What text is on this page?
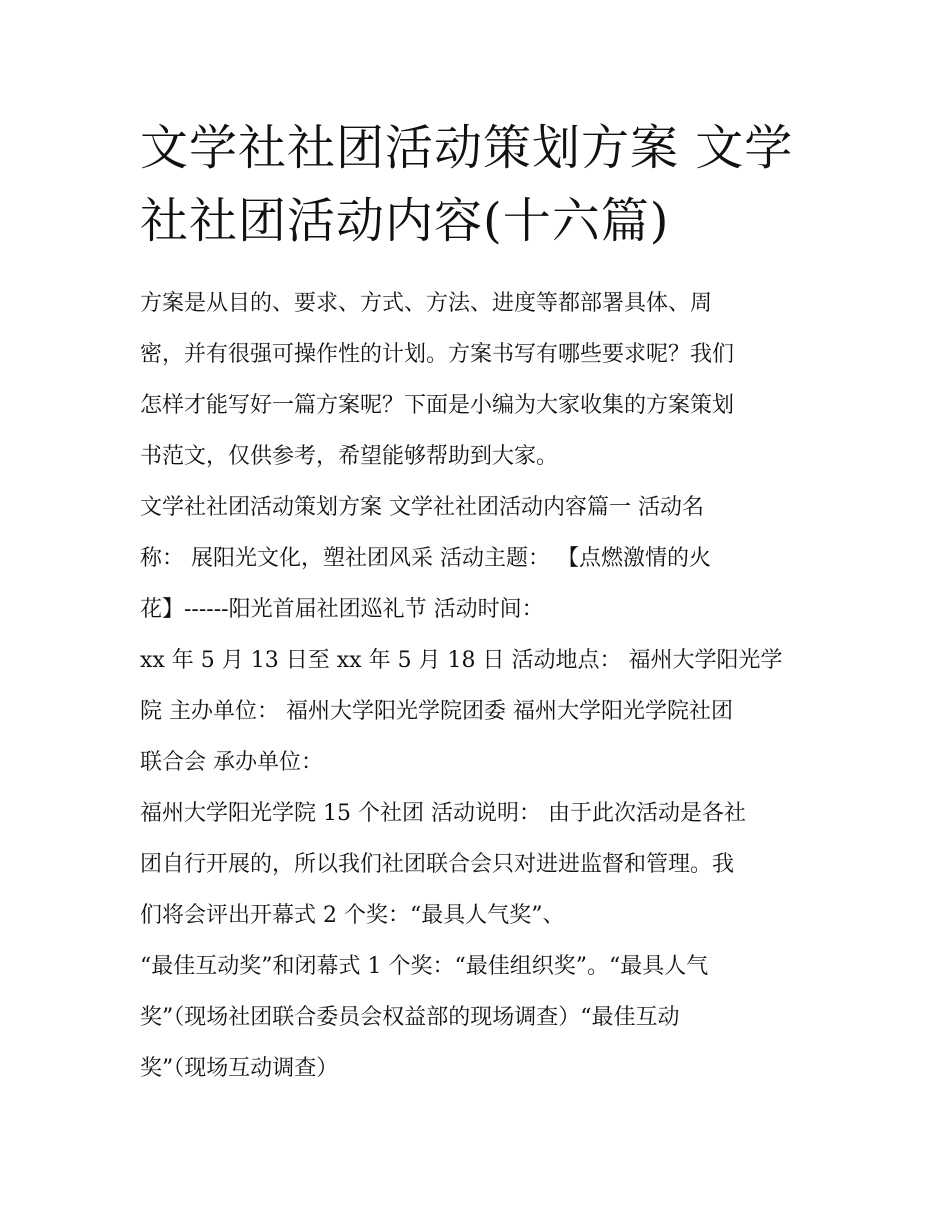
文学社社团活动策划方案 文学
社社团活动内容(十六篇)

方案是从目的、要求、方式、方法、进度等都部署具体、周
密，并有很强可操作性的计划。方案书写有哪些要求呢？我们
怎样才能写好一篇方案呢？下面是小编为大家收集的方案策划
书范文，仅供参考，希望能够帮助到大家。

文学社社团活动策划方案 文学社社团活动内容篇一 活动名
称： 展阳光文化，塑社团风采 活动主题： 【点燃激情的火
花】------阳光首届社团巡礼节 活动时间：

xx 年 5 月 13 日至 xx 年 5 月 18 日 活动地点： 福州大学阳光学
院 主办单位： 福州大学阳光学院团委 福州大学阳光学院社团
联合会 承办单位：

福州大学阳光学院 15 个社团 活动说明： 由于此次活动是各社
团自行开展的，所以我们社团联合会只对进进监督和管理。我
们将会评出开幕式 2 个奖：“最具人气奖”、

“最佳互动奖”和闭幕式 1 个奖：“最佳组织奖”。“最具人气
奖”（现场社团联合委员会权益部的现场调查）“最佳互动
奖”（现场互动调查）
